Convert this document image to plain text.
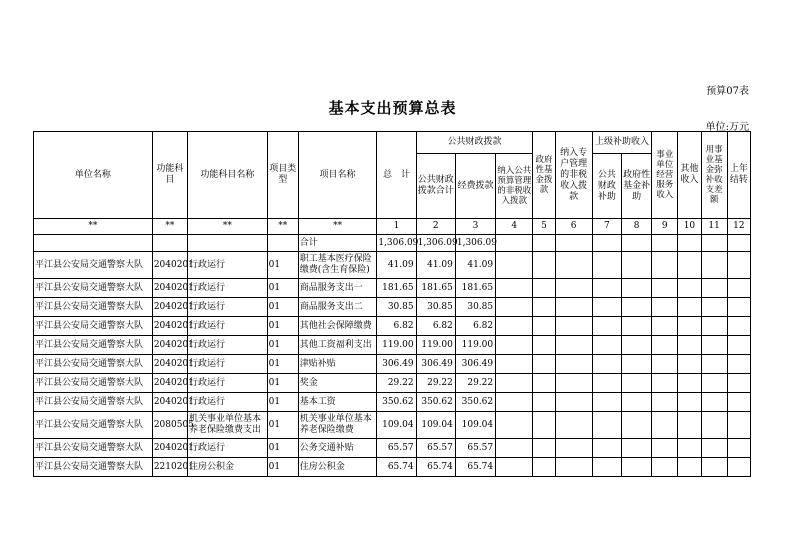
预算07表
基本支出预算总表
单位:万元
单位名称	功能科目	功能科目名称	项目类型	项目名称	总　计	公共财政拨款			政府性基金拨款	纳入专户管理的非税收入拨款	上级补助收入		事业单位经营服务收入	其他收入	用事业基金弥补收支差额	上年结转
						公共财政拨款合计	经费拨款	纳入公共预算管理的非税收入拨款			公共财政补助	政府性基金补助				
**	**	**	**	**	1	2	3	4	5	6	7	8	9	10	11	12
				合计	1,306.09	1,306.09	1,306.09									
平江县公安局交通警察大队	2040201	行政运行	01	职工基本医疗保险缴费(含生育保险)	41.09	41.09	41.09									
平江县公安局交通警察大队	2040201	行政运行	01	商品服务支出一	181.65	181.65	181.65									
平江县公安局交通警察大队	2040201	行政运行	01	商品服务支出二	30.85	30.85	30.85									
平江县公安局交通警察大队	2040201	行政运行	01	其他社会保障缴费	6.82	6.82	6.82									
平江县公安局交通警察大队	2040201	行政运行	01	其他工资福利支出	119.00	119.00	119.00									
平江县公安局交通警察大队	2040201	行政运行	01	津贴补贴	306.49	306.49	306.49									
平江县公安局交通警察大队	2040201	行政运行	01	奖金	29.22	29.22	29.22									
平江县公安局交通警察大队	2040201	行政运行	01	基本工资	350.62	350.62	350.62									
平江县公安局交通警察大队	2080505	机关事业单位基本养老保险缴费支出	01	机关事业单位基本养老保险缴费	109.04	109.04	109.04									
平江县公安局交通警察大队	2040201	行政运行	01	公务交通补贴	65.57	65.57	65.57									
平江县公安局交通警察大队	2210201	住房公积金	01	住房公积金	65.74	65.74	65.74									
